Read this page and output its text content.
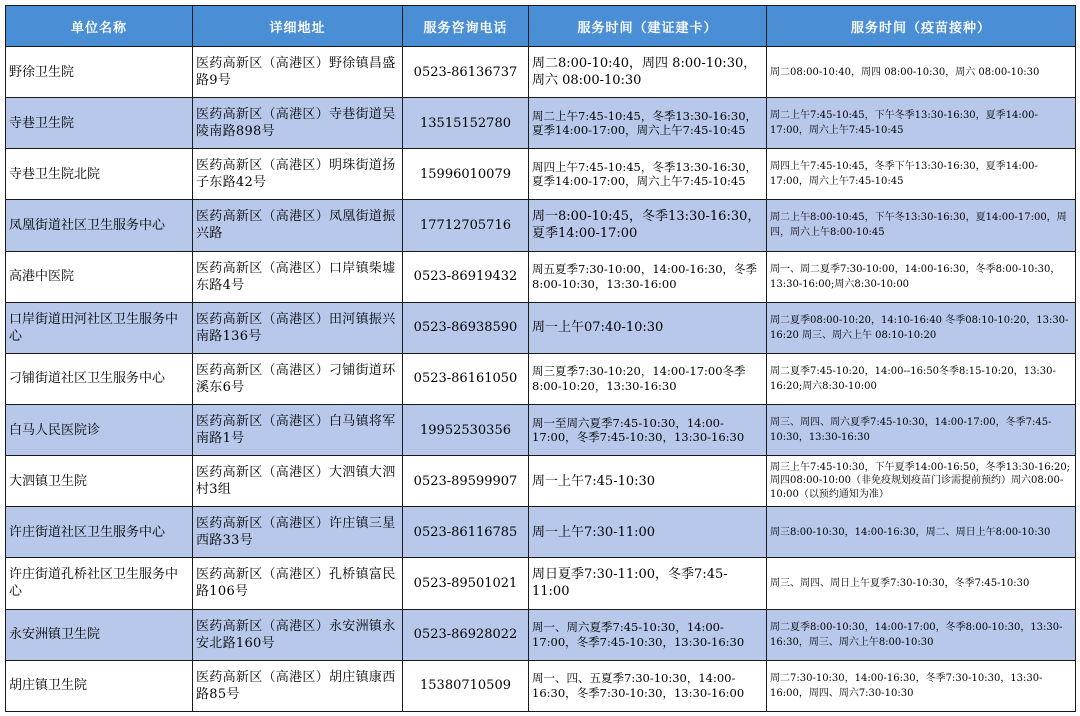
单位名称	详细地址	服务咨询电话	服务时间（建证建卡）	服务时间（疫苗接种）
野徐卫生院	医药高新区（高港区）野徐镇昌盛路9号	0523-86136737	周二8:00-10:40，周四 8:00-10:30，周六 08:00-10:30	周二08:00-10:40，周四 08:00-10:30，周六 08:00-10:30
寺巷卫生院	医药高新区（高港区）寺巷街道吴陵南路898号	13515152780	周二上午7:45-10:45，冬季13:30-16:30，夏季14:00-17:00，周六上午7:45-10:45	周二上午7:45-10:45，下午冬季13:30-16:30，夏季14:00-17:00，周六上午7:45-10:45
寺巷卫生院北院	医药高新区（高港区）明珠街道扬子东路42号	15996010079	周四上午7:45-10:45，冬季13:30-16:30，夏季14:00-17:00，周六上午7:45-10:45	周四上午7:45-10:45，冬季下午13:30-16:30，夏季14:00-17:00，周六上午7:45-10:45
凤凰街道社区卫生服务中心	医药高新区（高港区）凤凰街道振兴路	17712705716	周一8:00-10:45，冬季13:30-16:30，夏季14:00-17:00	周二上午8:00-10:45，下午冬13:30-16:30，夏14:00-17:00，周四，周六上午8:00-10:45
高港中医院	医药高新区（高港区）口岸镇柴墟东路4号	0523-86919432	周五夏季7:30-10:00，14:00-16:30，冬季8:00-10:30，13:30-16:00	周一、周二夏季7:30-10:00，14:00-16:30，冬季8:00-10:30，13:30-16:00;周六8:30-10:00
口岸街道田河社区卫生服务中心	医药高新区（高港区）田河镇振兴南路136号	0523-86938590	周一上午07:40-10:30	周二夏季08:00-10:20，14:10-16:40 冬季08:10-10:20，13:30-16:20 周三、周六上午 08:10-10:20
刁铺街道社区卫生服务中心	医药高新区（高港区）刁铺街道环溪东6号	0523-86161050	周三夏季7:30-10:20，14:00-17:00冬季8:00-10:20，13:30-16:30	周二夏季7:45-10:20，14:00--16:50冬季8:15-10:20，13:30-16:20;周六8:30-10:00
白马人民医院诊	医药高新区（高港区）白马镇将军南路1号	19952530356	周一至周六夏季7:45-10:30，14:00-17:00，冬季7:45-10:30，13:30-16:30	周三、周四、周六夏季7:45-10:30，14:00-17:00，冬季7:45-10:30，13:30-16:30
大泗镇卫生院	医药高新区（高港区）大泗镇大泗村3组	0523-89599907	周一上午7:45-10:30	周三上午7:45-10:30，下午夏季14:00-16:50，冬季13:30-16:20;周四08:00-10:00（非免疫规划疫苗门诊需提前预约）周六08:00-10:00（以预约通知为准）
许庄街道社区卫生服务中心	医药高新区（高港区）许庄镇三星西路33号	0523-86116785	周一上午7:30-11:00	周三8:00-10:30，14:00-16:30，周二、周日上午8:00-10:30
许庄街道孔桥社区卫生服务中心	医药高新区（高港区）孔桥镇富民路106号	0523-89501021	周日夏季7:30-11:00，冬季7:45-11:00	周三、周四、周日上午夏季7:30-10:30，冬季7:45-10:30
永安洲镇卫生院	医药高新区（高港区）永安洲镇永安北路160号	0523-86928022	周一、周六夏季7:45-10:30，14:00-17:00，冬季7:45-10:30，13:30-16:30	周二夏季8:00-10:30，14:00-17:00，冬季8:00-10:30，13:30-16:30，周三、周六上午8:00-10:30
胡庄镇卫生院	医药高新区（高港区）胡庄镇康西路85号	15380710509	周一、四、五夏季7:30-10:30，14:00-16:30，冬季7:30-10:30，13:30-16:00	周二7:30-10:30，14:00-16:30，冬季7:30-10:30，13:30-16:00，周四、周六7:30-10:30
